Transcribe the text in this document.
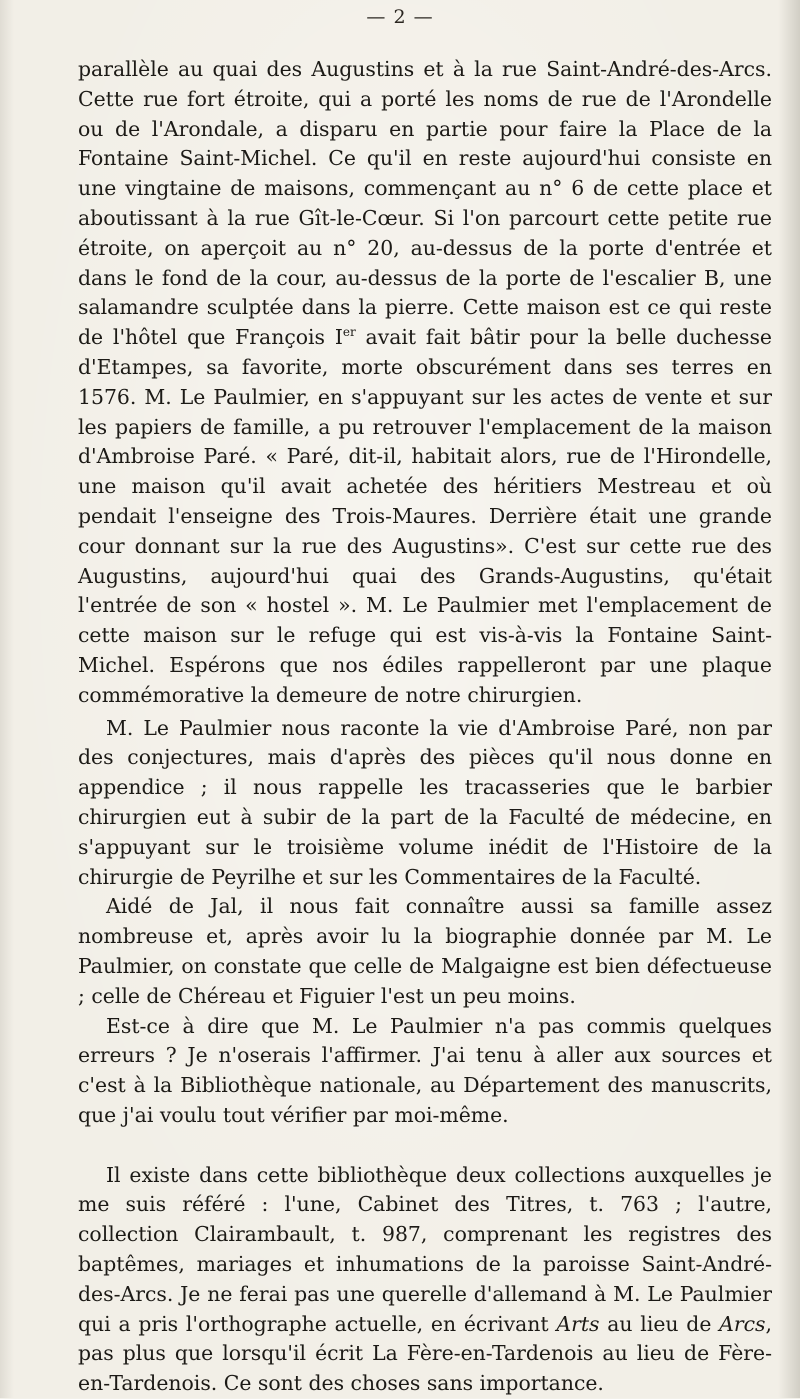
— 2 —

parallèle au quai des Augustins et à la rue Saint-André-des-Arcs. Cette rue fort étroite, qui a porté les noms de rue de l'Arondelle ou de l'Arondale, a disparu en partie pour faire la Place de la Fontaine Saint-Michel. Ce qu'il en reste aujourd'hui consiste en une vingtaine de maisons, commençant au n° 6 de cette place et aboutissant à la rue Gît-le-Cœur. Si l'on parcourt cette petite rue étroite, on aperçoit au n° 20, au-dessus de la porte d'entrée et dans le fond de la cour, au-dessus de la porte de l'escalier B, une salamandre sculptée dans la pierre. Cette maison est ce qui reste de l'hôtel que François Ier avait fait bâtir pour la belle duchesse d'Etampes, sa favorite, morte obscurément dans ses terres en 1576. M. Le Paulmier, en s'appuyant sur les actes de vente et sur les papiers de famille, a pu retrouver l'emplacement de la maison d'Ambroise Paré. « Paré, dit-il, habitait alors, rue de l'Hirondelle, une maison qu'il avait achetée des héritiers Mestreau et où pendait l'enseigne des Trois-Maures. Derrière était une grande cour donnant sur la rue des Augustins». C'est sur cette rue des Augustins, aujourd'hui quai des Grands-Augustins, qu'était l'entrée de son « hostel ». M. Le Paulmier met l'emplacement de cette maison sur le refuge qui est vis-à-vis la Fontaine Saint-Michel. Espérons que nos édiles rappelleront par une plaque commémorative la demeure de notre chirurgien.

M. Le Paulmier nous raconte la vie d'Ambroise Paré, non par des conjectures, mais d'après des pièces qu'il nous donne en appendice ; il nous rappelle les tracasseries que le barbier chirurgien eut à subir de la part de la Faculté de médecine, en s'appuyant sur le troisième volume inédit de l'Histoire de la chirurgie de Peyrilhe et sur les Commentaires de la Faculté.

Aidé de Jal, il nous fait connaître aussi sa famille assez nombreuse et, après avoir lu la biographie donnée par M. Le Paulmier, on constate que celle de Malgaigne est bien défectueuse ; celle de Chéreau et Figuier l'est un peu moins.

Est-ce à dire que M. Le Paulmier n'a pas commis quelques erreurs ? Je n'oserais l'affirmer. J'ai tenu à aller aux sources et c'est à la Bibliothèque nationale, au Département des manuscrits, que j'ai voulu tout vérifier par moi-même.

Il existe dans cette bibliothèque deux collections auxquelles je me suis référé : l'une, Cabinet des Titres, t. 763 ; l'autre, collection Clairambault, t. 987, comprenant les registres des baptêmes, mariages et inhumations de la paroisse Saint-André-des-Arcs. Je ne ferai pas une querelle d'allemand à M. Le Paulmier qui a pris l'orthographe actuelle, en écrivant Arts au lieu de Arcs, pas plus que lorsqu'il écrit La Fère-en-Tardenois au lieu de Fère-en-Tardenois. Ce sont des choses sans importance.
